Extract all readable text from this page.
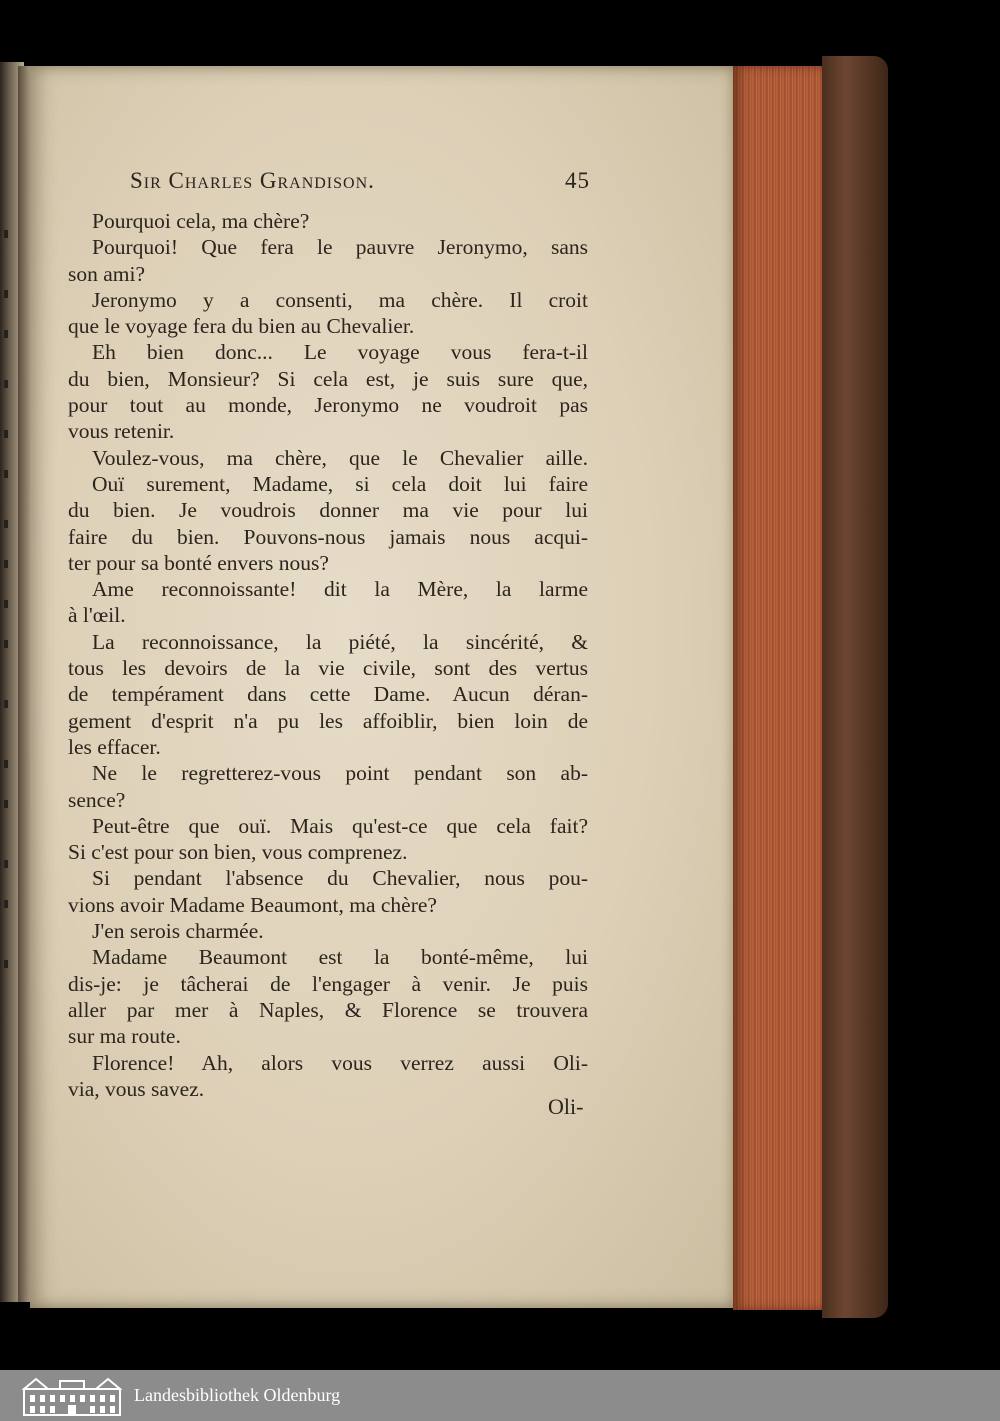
Sir Charles Grandison.	45
Pourquoi cela, ma chère?
Pourquoi! Que fera le pauvre Jeronymo, sans
son ami?
Jeronymo y a consenti, ma chère. Il croit
que le voyage fera du bien au Chevalier.
Eh bien donc... Le voyage vous fera-t-il
du bien, Monsieur? Si cela est, je suis sure que,
pour tout au monde, Jeronymo ne voudroit pas
vous retenir.
Voulez-vous, ma chère, que le Chevalier aille.
Ouï surement, Madame, si cela doit lui faire
du bien. Je voudrois donner ma vie pour lui
faire du bien. Pouvons-nous jamais nous acqui-
ter pour sa bonté envers nous?
Ame reconnoissante! dit la Mère, la larme
à l'œil.
La reconnoissance, la piété, la sincérité, &
tous les devoirs de la vie civile, sont des vertus
de tempérament dans cette Dame. Aucun déran-
gement d'esprit n'a pu les affoiblir, bien loin de
les effacer.
Ne le regretterez-vous point pendant son ab-
sence?
Peut-être que ouï. Mais qu'est-ce que cela fait?
Si c'est pour son bien, vous comprenez.
Si pendant l'absence du Chevalier, nous pou-
vions avoir Madame Beaumont, ma chère?
J'en serois charmée.
Madame Beaumont est la bonté-même, lui
dis-je: je tâcherai de l'engager à venir. Je puis
aller par mer à Naples, & Florence se trouvera
sur ma route.
Florence! Ah, alors vous verrez aussi Oli-
via, vous savez.
Oli-
Landesbibliothek Oldenburg
